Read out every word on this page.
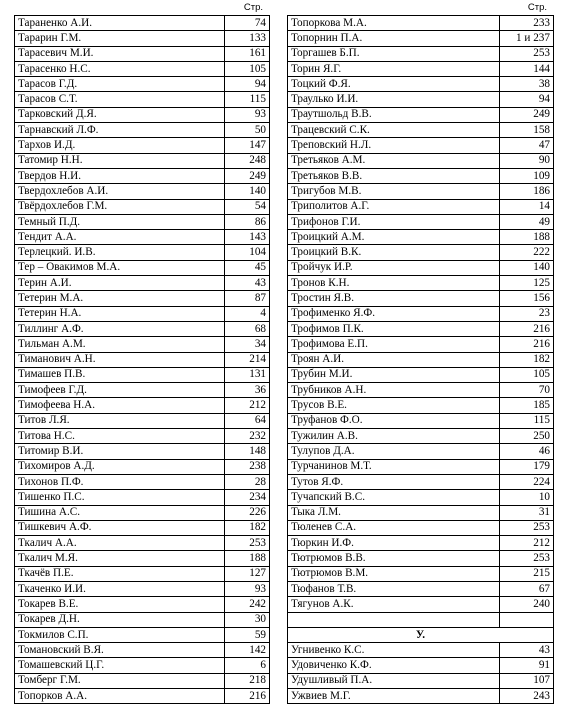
Стр.
Тараненко А.И.	74
Тарарин Г.М.	133
Тарасевич М.И.	161
Тарасенко Н.С.	105
Тарасов Г.Д.	94
Тарасов С.Т.	115
Тарковский Д.Я.	93
Тарнавский Л.Ф.	50
Тархов И.Д.	147
Татомир Н.Н.	248
Твердов Н.И.	249
Твердохлебов А.И.	140
Твёрдохлебов Г.М.	54
Темный П.Д.	86
Тендит А.А.	143
Терлецкий. И.В.	104
Тер – Овакимов М.А.	45
Терин А.И.	43
Тетерин М.А.	87
Тетерин Н.А.	4
Тиллинг А.Ф.	68
Тильман А.М.	34
Тиманович А.Н.	214
Тимашев П.В.	131
Тимофеев Г.Д.	36
Тимофеева Н.А.	212
Титов Л.Я.	64
Титова Н.С.	232
Титомир В.И.	148
Тихомиров А.Д.	238
Тихонов П.Ф.	28
Тишенко П.С.	234
Тишина А.С.	226
Тишкевич А.Ф.	182
Ткалич А.А.	253
Ткалич М.Я.	188
Ткачёв П.Е.	127
Ткаченко И.И.	93
Токарев В.Е.	242
Токарев Д.Н.	30
Токмилов С.П.	59
Томановский В.Я.	142
Томашевский Ц.Г.	6
Томберг Г.М.	218
Топорков А.А.	216
Стр.
Топоркова М.А.	233
Топорнин П.А.	1 и 237
Торгашев Б.П.	253
Торин Я.Г.	144
Тоцкий Ф.Я.	38
Траулько И.И.	94
Траутшольд В.В.	249
Трацевский С.К.	158
Треповский Н.Л.	47
Третьяков А.М.	90
Третьяков В.В.	109
Тригубов М.В.	186
Триполитов А.Г.	14
Трифонов Г.И.	49
Троицкий А.М.	188
Троицкий В.К.	222
Тройчук И.Р.	140
Тронов К.Н.	125
Тростин Я.В.	156
Трофименко Я.Ф.	23
Трофимов П.К.	216
Трофимова Е.П.	216
Троян А.И.	182
Трубин М.И.	105
Трубников А.Н.	70
Трусов В.Е.	185
Труфанов Ф.О.	115
Тужилин А.В.	250
Тулупов Д.А.	46
Турчанинов М.Т.	179
Тутов Я.Ф.	224
Тучапский В.С.	10
Тыка Л.М.	31
Тюленев С.А.	253
Тюркин И.Ф.	212
Тютрюмов В.В.	253
Тютрюмов В.М.	215
Тюфанов Т.В.	67
Тягунов А.К.	240

У.	
Угнивенко К.С.	43
Удовиченко К.Ф.	91
Удушливый П.А.	107
Ужвиев М.Г.	243
